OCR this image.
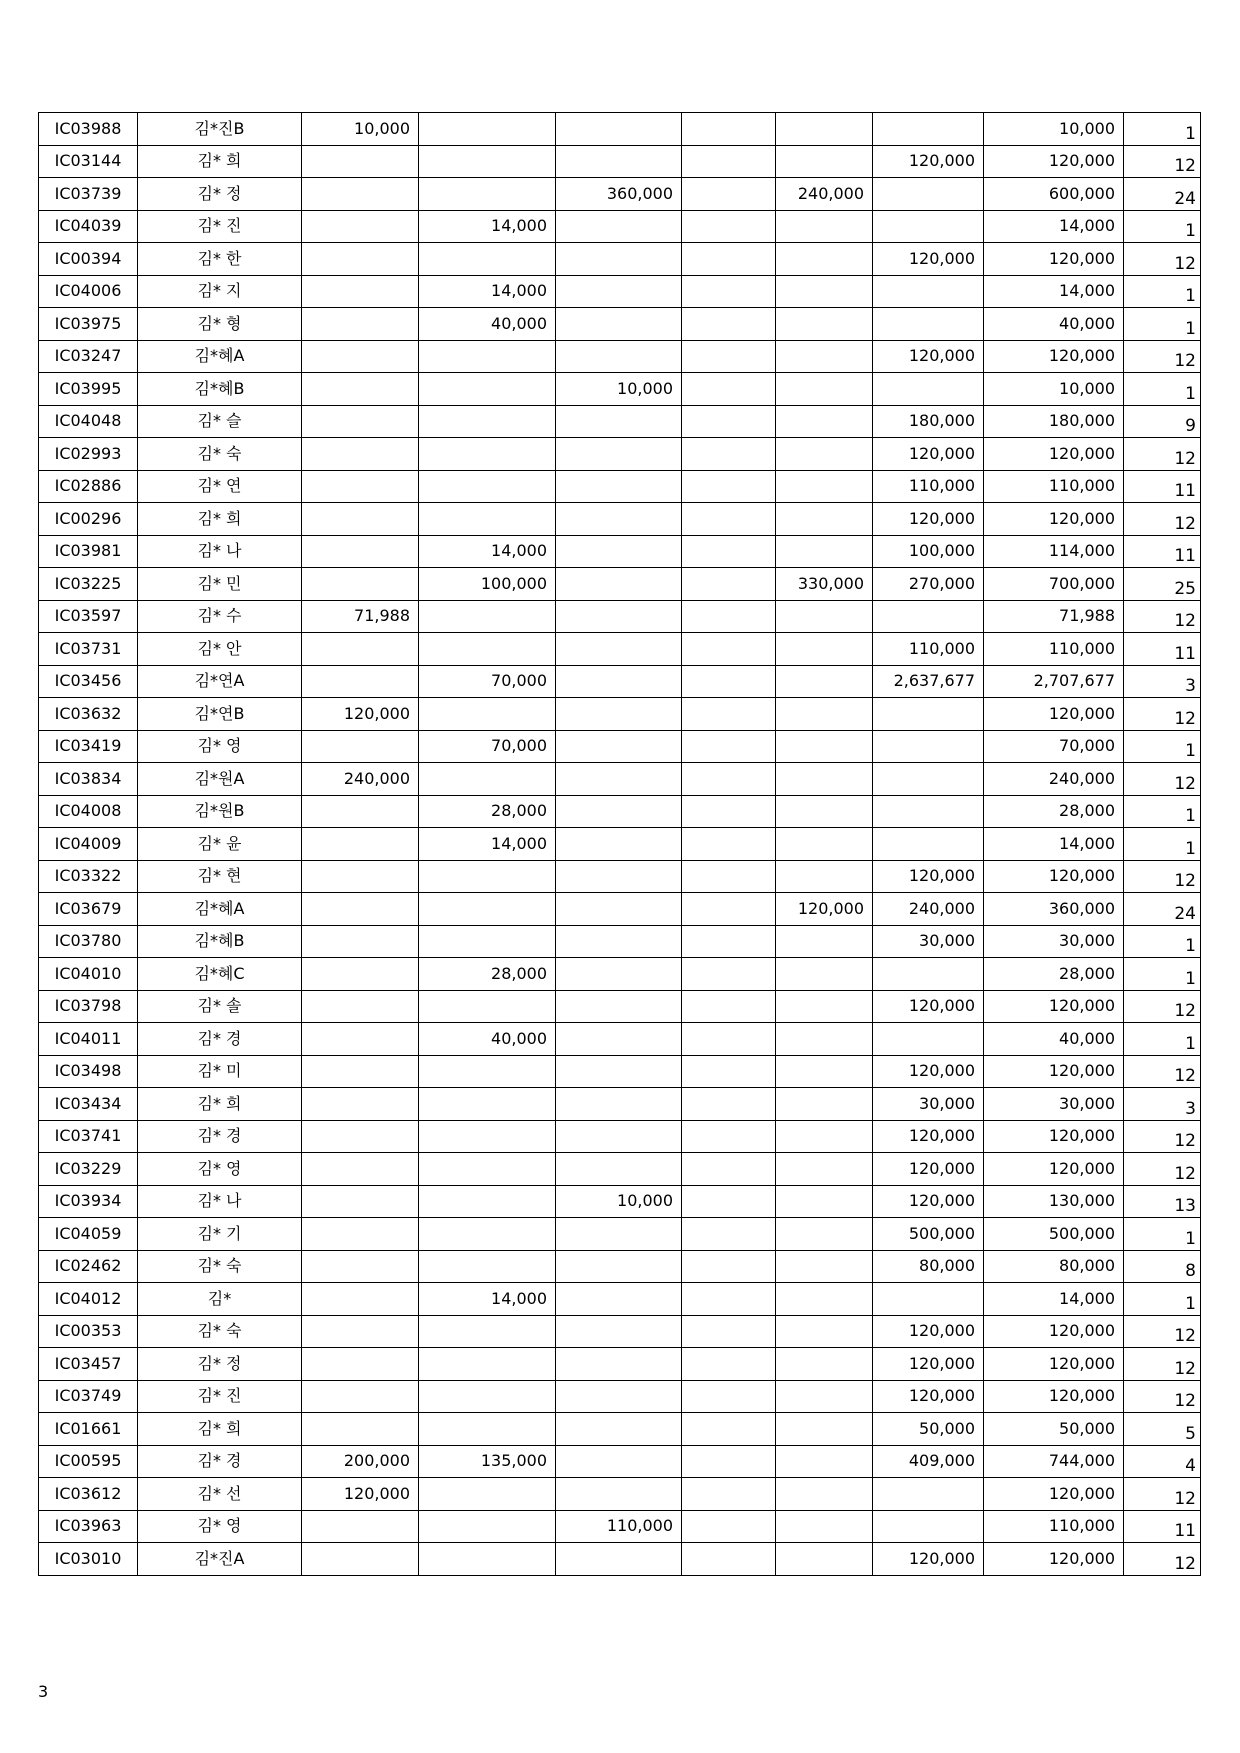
IC03988	김*진B	10,000						10,000	1
IC03144	김* 희						120,000	120,000	12
IC03739	김* 정			360,000		240,000		600,000	24
IC04039	김* 진		14,000					14,000	1
IC00394	김* 한						120,000	120,000	12
IC04006	김* 지		14,000					14,000	1
IC03975	김* 형		40,000					40,000	1
IC03247	김*혜A						120,000	120,000	12
IC03995	김*혜B			10,000				10,000	1
IC04048	김* 슬						180,000	180,000	9
IC02993	김* 숙						120,000	120,000	12
IC02886	김* 연						110,000	110,000	11
IC00296	김* 희						120,000	120,000	12
IC03981	김* 나		14,000				100,000	114,000	11
IC03225	김* 민		100,000			330,000	270,000	700,000	25
IC03597	김* 수	71,988						71,988	12
IC03731	김* 안						110,000	110,000	11
IC03456	김*연A		70,000				2,637,677	2,707,677	3
IC03632	김*연B	120,000						120,000	12
IC03419	김* 영		70,000					70,000	1
IC03834	김*원A	240,000						240,000	12
IC04008	김*원B		28,000					28,000	1
IC04009	김* 윤		14,000					14,000	1
IC03322	김* 현						120,000	120,000	12
IC03679	김*혜A					120,000	240,000	360,000	24
IC03780	김*혜B						30,000	30,000	1
IC04010	김*혜C		28,000					28,000	1
IC03798	김* 솔						120,000	120,000	12
IC04011	김* 경		40,000					40,000	1
IC03498	김* 미						120,000	120,000	12
IC03434	김* 희						30,000	30,000	3
IC03741	김* 경						120,000	120,000	12
IC03229	김* 영						120,000	120,000	12
IC03934	김* 나			10,000			120,000	130,000	13
IC04059	김* 기						500,000	500,000	1
IC02462	김* 숙						80,000	80,000	8
IC04012	김*		14,000					14,000	1
IC00353	김* 숙						120,000	120,000	12
IC03457	김* 정						120,000	120,000	12
IC03749	김* 진						120,000	120,000	12
IC01661	김* 희						50,000	50,000	5
IC00595	김* 경	200,000	135,000				409,000	744,000	4
IC03612	김* 선	120,000						120,000	12
IC03963	김* 영			110,000				110,000	11
IC03010	김*진A						120,000	120,000	12
3
